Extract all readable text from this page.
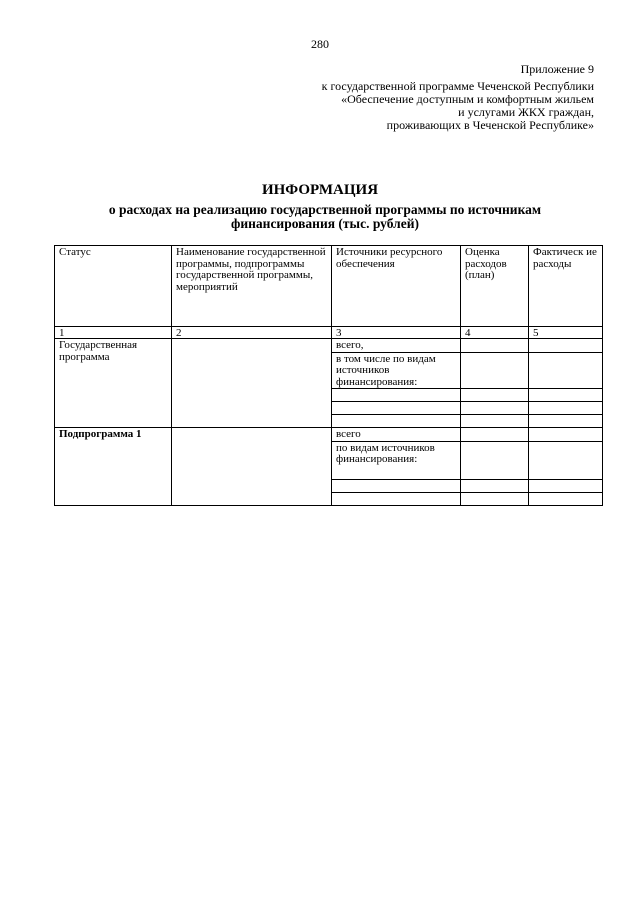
280
Приложение 9
к государственной программе Чеченской Республики
«Обеспечение доступным и комфортным жильем
и услугами ЖКХ граждан,
проживающих в Чеченской Республике»
ИНФОРМАЦИЯ
о расходах на реализацию государственной программы по источникам
финансирования (тыс. рублей)
Статус	Наименование государственной программы, подпрограммы государственной программы, мероприятий	Источники ресурсного обеспечения	Оценка расходов (план)	Фактическ ие расходы
1	2	3	4	5
Государственная программа		всего,		
		в том числе по видам источников финансирования:		

Подпрограмма 1		всего		
		по видам источников финансирования:		
